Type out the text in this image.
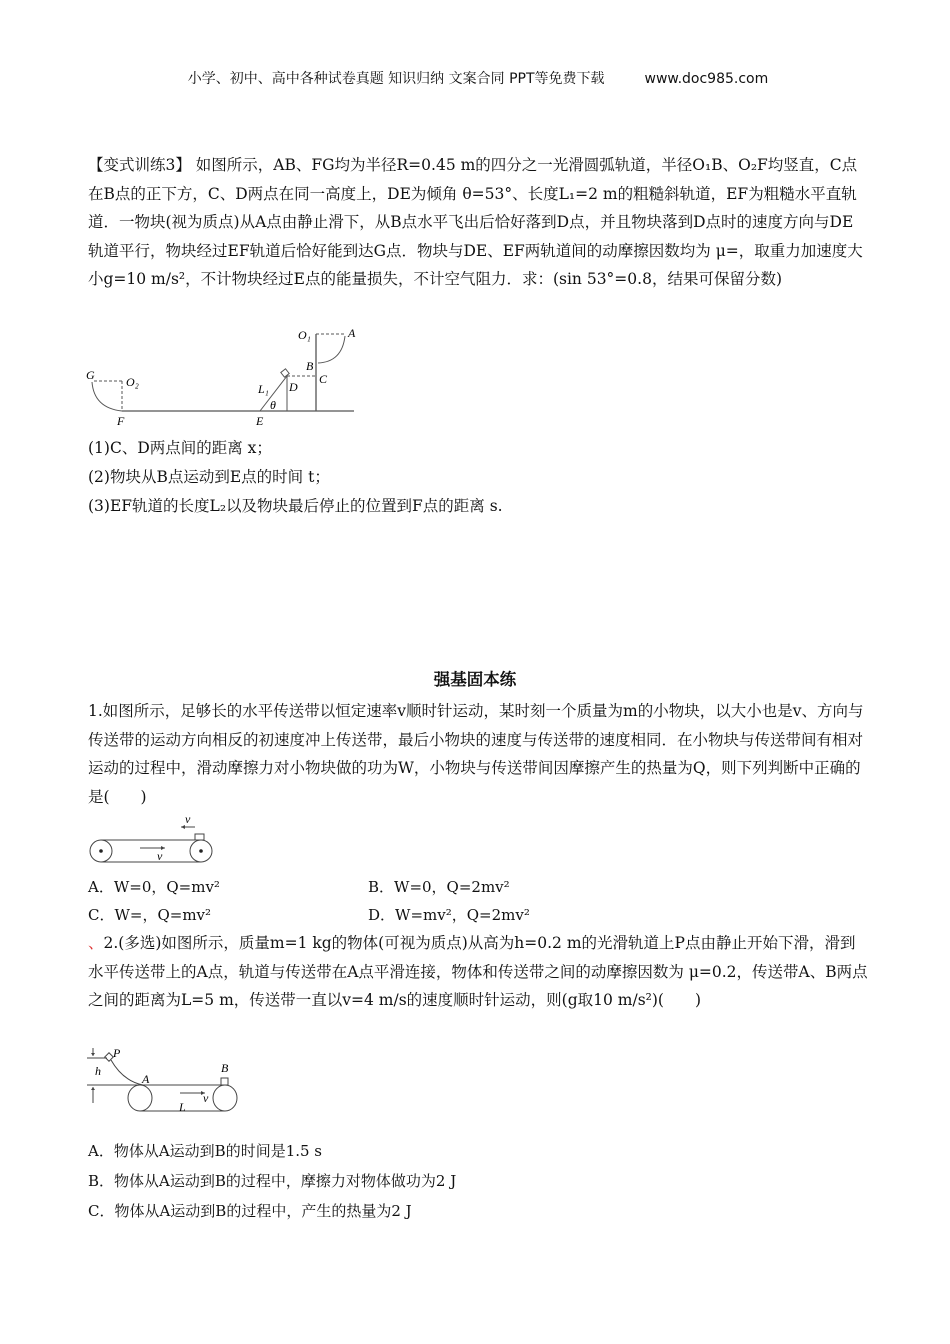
小学、初中、高中各种试卷真题 知识归纳 文案合同 PPT等免费下载	www.doc985.com
【变式训练3】 如图所示，AB、FG均为半径R=0.45 m的四分之一光滑圆弧轨道，半径O₁B、O₂F均竖直，C点在B点的正下方，C、D两点在同一高度上，DE为倾角 θ=53°、长度L₁=2 m的粗糙斜轨道，EF为粗糙水平直轨道．一物块(视为质点)从A点由静止滑下，从B点水平飞出后恰好落到D点，并且物块落到D点时的速度方向与DE轨道平行，物块经过EF轨道后恰好能到达G点．物块与DE、EF两轨道间的动摩擦因数均为 μ=，取重力加速度大小g=10 m/s²，不计物块经过E点的能量损失，不计空气阻力．求：(sin 53°=0.8，结果可保留分数)
O₁	A
B
C
D
L₁
θ
E
G	O₂
F
(1)C、D两点间的距离 x；
(2)物块从B点运动到E点的时间 t；
(3)EF轨道的长度L₂以及物块最后停止的位置到F点的距离 s.
强基固本练
1.如图所示，足够长的水平传送带以恒定速率v顺时针运动，某时刻一个质量为m的小物块，以大小也是v、方向与传送带的运动方向相反的初速度冲上传送带，最后小物块的速度与传送带的速度相同．在小物块与传送带间有相对运动的过程中，滑动摩擦力对小物块做的功为W，小物块与传送带间因摩擦产生的热量为Q，则下列判断中正确的是(　　)
v
v
A．W=0，Q=mv²	B．W=0，Q=2mv²
C．W=，Q=mv²	D．W=mv²，Q=2mv²
、2.(多选)如图所示，质量m=1 kg的物体(可视为质点)从高为h=0.2 m的光滑轨道上P点由静止开始下滑，滑到水平传送带上的A点，轨道与传送带在A点平滑连接，物体和传送带之间的动摩擦因数为 μ=0.2，传送带A、B两点之间的距离为L=5 m，传送带一直以v=4 m/s的速度顺时针运动，则(g取10 m/s²)(　　)
P
h
A
B
v
L
A．物体从A运动到B的时间是1.5 s
B．物体从A运动到B的过程中，摩擦力对物体做功为2 J
C．物体从A运动到B的过程中，产生的热量为2 J
